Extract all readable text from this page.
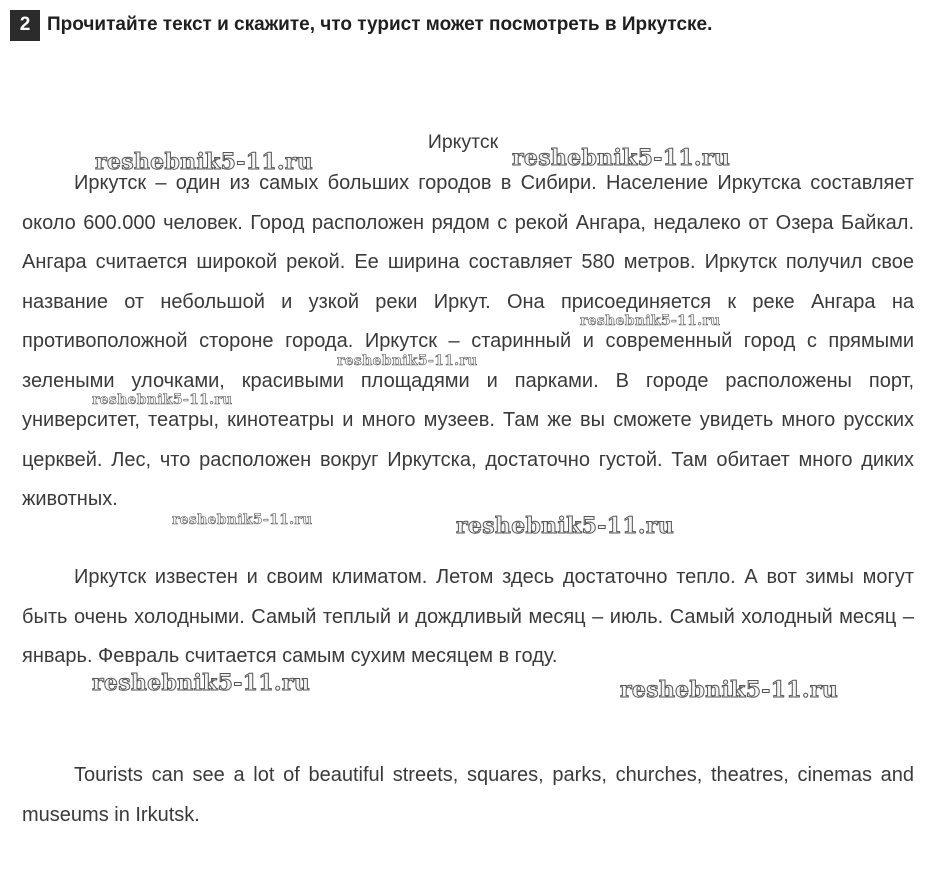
2 Прочитайте текст и скажите, что турист может посмотреть в Иркутске.
Иркутск

Иркутск – один из самых больших городов в Сибири. Население Иркутска составляет около 600.000 человек. Город расположен рядом с рекой Ангара, недалеко от Озера Байкал. Ангара считается широкой рекой. Ее ширина составляет 580 метров. Иркутск получил свое название от небольшой и узкой реки Иркут. Она присоединяется к реке Ангара на противоположной стороне города. Иркутск – старинный и современный город с прямыми зелеными улочками, красивыми площадями и парками. В городе расположены порт, университет, театры, кинотеатры и много музеев. Там же вы сможете увидеть много русских церквей. Лес, что расположен вокруг Иркутска, достаточно густой. Там обитает много диких животных.

Иркутск известен и своим климатом. Летом здесь достаточно тепло. А вот зимы могут быть очень холодными. Самый теплый и дождливый месяц – июль. Самый холодный месяц – январь. Февраль считается самым сухим месяцем в году.

Tourists can see a lot of beautiful streets, squares, parks, churches, theatres, cinemas and museums in Irkutsk.

reshebnik5-11.ru	reshebnik5-11.ru
reshebnik5-11.ru
reshebnik5-11.ru
reshebnik5-11.ru
reshebnik5-11.ru	reshebnik5-11.ru
reshebnik5-11.ru	reshebnik5-11.ru
